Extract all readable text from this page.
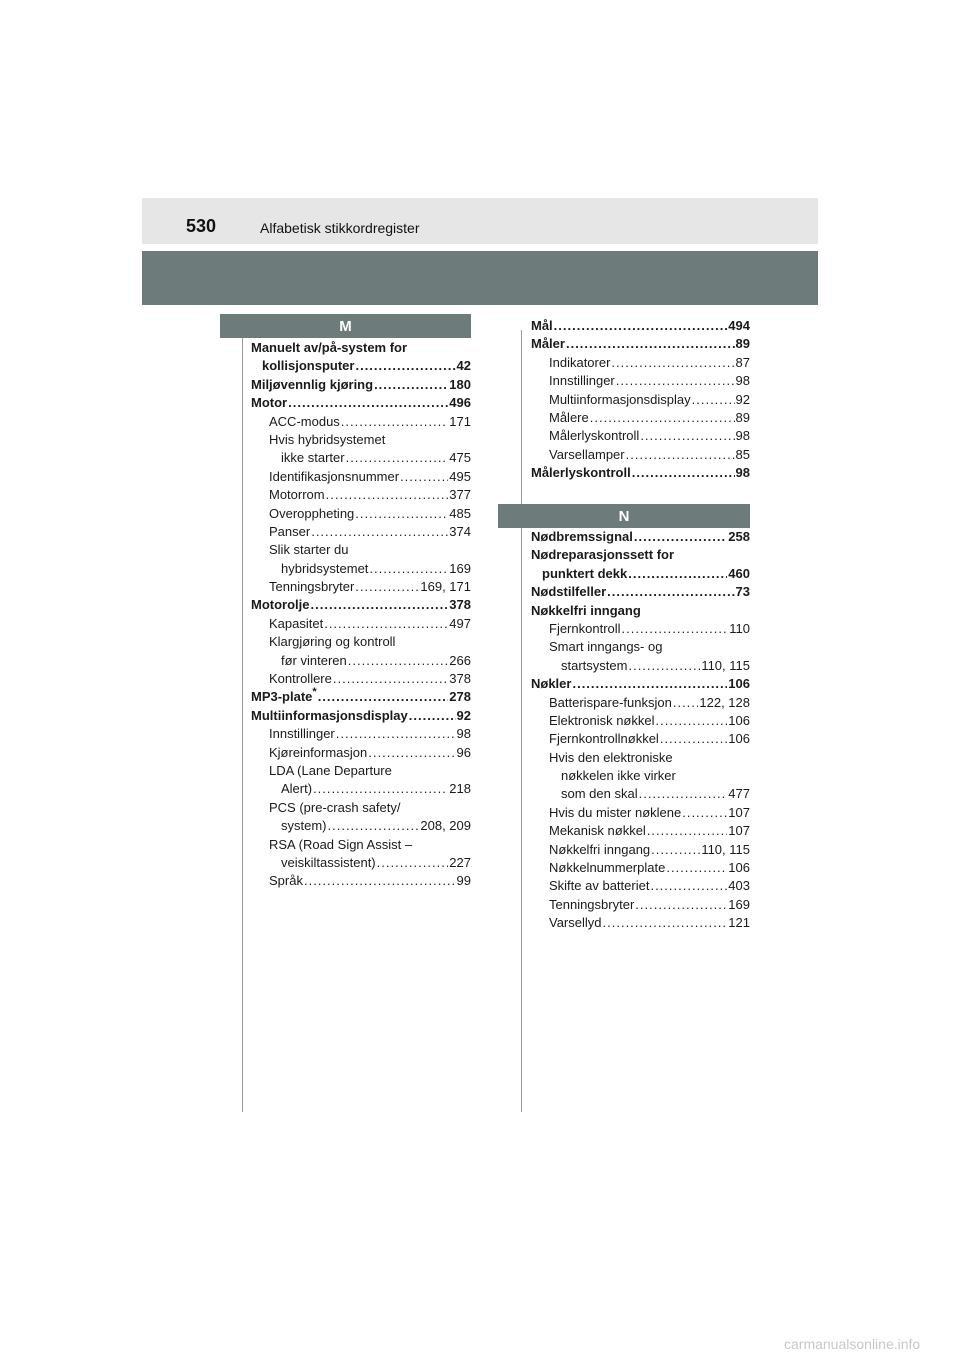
530	Alfabetisk stikkordregister
M
N
Manuelt av/på-system for
kollisjonsputer .....	42
Miljøvennlig kjøring .....	180
Motor .....	496
ACC-modus .....	171
Hvis hybridsystemet
ikke starter .....	475
Identifikasjonsnummer .....	495
Motorrom .....	377
Overoppheting .....	485
Panser .....	374
Slik starter du
hybridsystemet .....	169
Tenningsbryter .....	169, 171
Motorolje .....	378
Kapasitet .....	497
Klargjøring og kontroll
før vinteren .....	266
Kontrollere .....	378
MP3-plate* .....	278
Multiinformasjonsdisplay .....	92
Innstillinger .....	98
Kjøreinformasjon .....	96
LDA (Lane Departure
Alert) .....	218
PCS (pre-crash safety/
system) .....	208, 209
RSA (Road Sign Assist –
veiskiltassistent) .....	227
Språk .....	99
Mål .....	494
Måler .....	89
Indikatorer .....	87
Innstillinger .....	98
Multiinformasjonsdisplay .....	92
Målere .....	89
Målerlyskontroll .....	98
Varsellamper .....	85
Målerlyskontroll .....	98
Nødbremssignal .....	258
Nødreparasjonssett for
punktert dekk .....	460
Nødstilfeller .....	73
Nøkkelfri inngang
Fjernkontroll .....	110
Smart inngangs- og
startsystem .....	110, 115
Nøkler .....	106
Batterispare-funksjon ..... 122, 128
Elektronisk nøkkel .....	106
Fjernkontrollnøkkel .....	106
Hvis den elektroniske
nøkkelen ikke virker
som den skal .....	477
Hvis du mister nøklene .....	107
Mekanisk nøkkel .....	107
Nøkkelfri inngang .....	110, 115
Nøkkelnummerplate .....	106
Skifte av batteriet .....	403
Tenningsbryter .....	169
Varsellyd .....	121
carmanualsonline.info
